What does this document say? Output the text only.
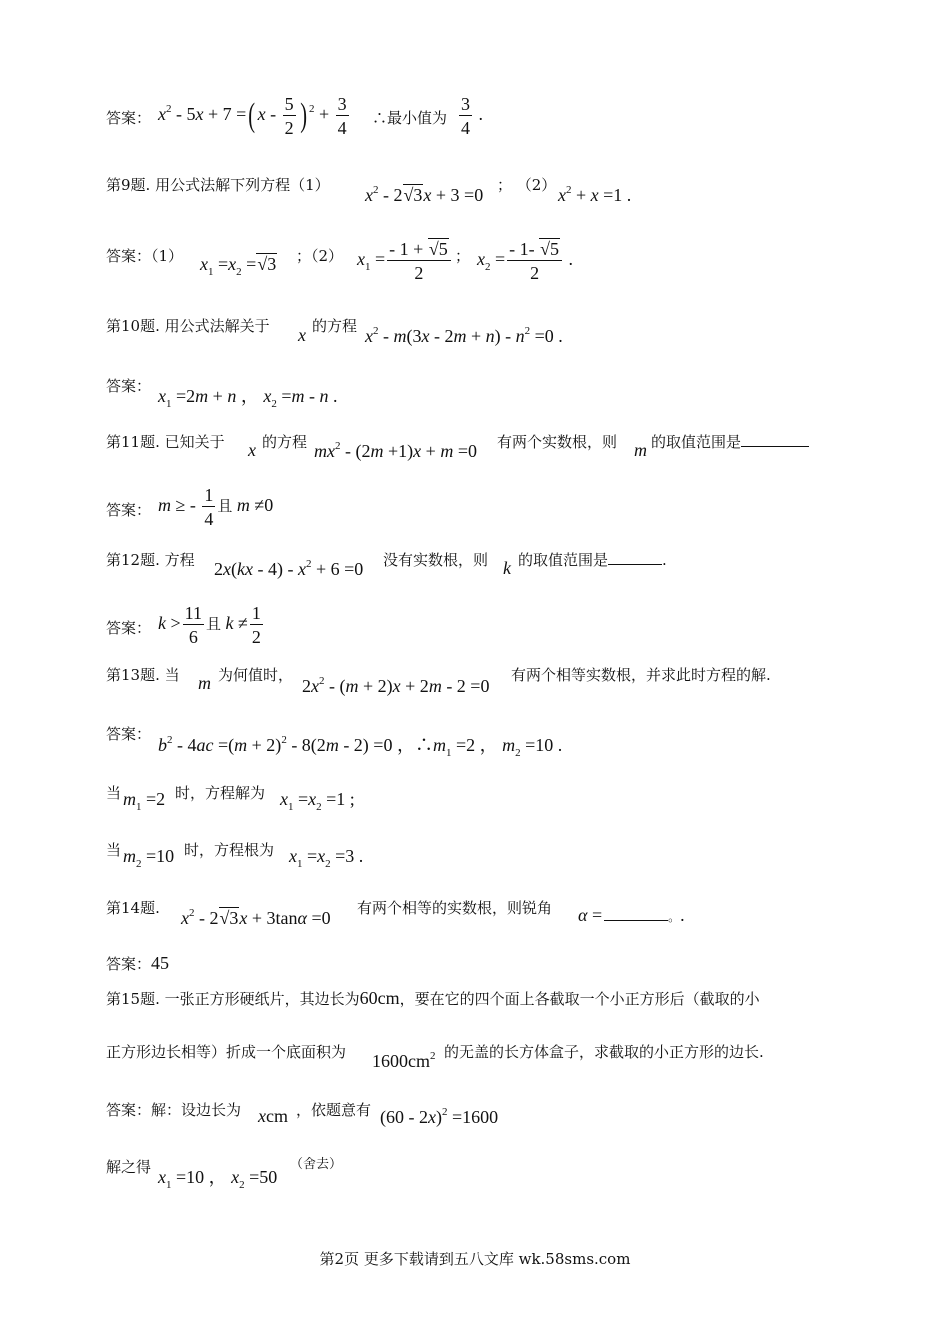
答案： $x^2 - 5x + 7$ =( x - $\frac{5}{2}$ ) $^2 + \frac{3}{4}$ ∴最小值为 $\frac{3}{4}$ .
第9题. 用公式法解下列方程（1） $x^2 - 2√3x + 3 =0$ ； （2） $x^2 + x =1$ .
答案：（1） $x_1 =x_2 =√3$ ；（2） $x_1 = \frac{- 1 + √5}{2}$ ； $x_2 = \frac{- 1- √5}{2}$ .
第10题. 用公式法解关于 x 的方程 $x^2 - m(3x - 2m + n) - n^2 =0$ .
答案： $x_1 =2m + n$ ， $x_2 =m - n$ .
第11题. 已知关于 x 的方程 $mx^2 - (2m +1)x + m =0$ 有两个实数根，则 m 的取值范围是
答案： m ≥ - $\frac{1}{4}$ 且 m ≠0
第12题. 方程 $2x(kx - 4) - x^2 + 6 =0$ 没有实数根，则 k 的取值范围是	.
答案： $k > \frac{11}{6}$ 且 $k \ne \frac{1}{2}$
第13题. 当 m 为何值时，
$2x^2 - (m + 2)x + 2m - 2 =0$
有两个相等实数根，并求此时方程的解.
答案：
$b^2 - 4ac =(m + 2)^2 - 8(2m - 2) =0$ ，$\therefore m_1 =2$ ， $m_2 =10$ .
当 $m_1 =2$ 时，方程解为 $x_1 =x_2 =1$ ;
当 $m_2 =10$ 时，方程根为 $x_1 =x_2 =3$ .
第14题. $x^2 - 2√3x + 3\tan\alpha =0$ 有两个相等的实数根，则锐角 α =	。.
答案：45
第15题. 一张正方形硬纸片，其边长为60cm，要在它的四个面上各截取一个小正方形后（截取的小
正方形边长相等）折成一个底面积为 $1600cm^2$ 的无盖的长方体盒子，求截取的小正方形的边长.
答案：解：设边长为 xcm ，依题意有 (60 - 2x)$^2$ =1600
解之得 $x_1 =10$ ， $x_2 =50$
（舍去）
第2页 更多下载请到五八文库 wk.58sms.com
